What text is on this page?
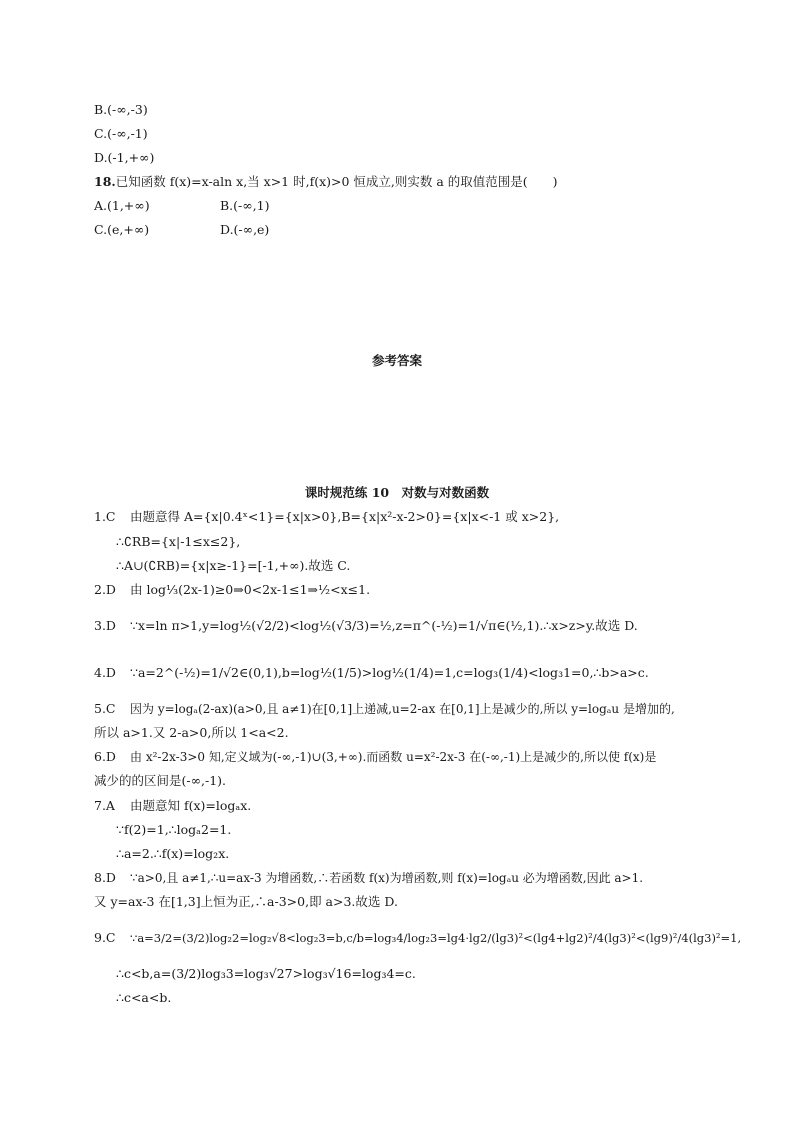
B.(-∞,-3)
C.(-∞,-1)
D.(-1,+∞)
18.已知函数 f(x)=x-aln x,当 x>1 时,f(x)>0 恒成立,则实数 a 的取值范围是(　　)
A.(1,+∞)	B.(-∞,1)
C.(e,+∞)	D.(-∞,e)
参考答案
课时规范练 10　对数与对数函数
1.C 由题意得 A={x|0.4ˣ<1}={x|x>0},B={x|x²-x-2>0}={x|x<-1 或 x>2},
∴∁RB={x|-1≤x≤2},
∴A∪(∁RB)={x|x≥-1}=[-1,+∞).故选 C.
2.D 由 log⅓(2x-1)≥0⇒0<2x-1≤1⇒½<x≤1.
3.D ∵x=ln π>1,y=log½(√2/2)<log½(√3/3)=½,z=π^(-½)=1/√π∈(½,1).∴x>z>y.故选 D.
4.D ∵a=2^(-½)=1/√2∈(0,1),b=log½(1/5)>log½(1/4)=1,c=log₃(1/4)<log₃1=0,∴b>a>c.
5.C 因为 y=logₐ(2-ax)(a>0,且 a≠1)在[0,1]上递减,u=2-ax 在[0,1]上是减少的,所以 y=logₐu 是增加的,
所以 a>1.又 2-a>0,所以 1<a<2.
6.D 由 x²-2x-3>0 知,定义域为(-∞,-1)∪(3,+∞).而函数 u=x²-2x-3 在(-∞,-1)上是减少的,所以使 f(x)是
减少的的区间是(-∞,-1).
7.A 由题意知 f(x)=logₐx.
∵f(2)=1,∴logₐ2=1.
∴a=2.∴f(x)=log₂x.
8.D ∵a>0,且 a≠1,∴u=ax-3 为增函数,∴若函数 f(x)为增函数,则 f(x)=logₐu 必为增函数,因此 a>1.
又 y=ax-3 在[1,3]上恒为正,∴a-3>0,即 a>3.故选 D.
9.C ∵a=3/2=(3/2)log₂2=log₂√8<log₂3=b,c/b=log₃4/log₂3=lg4·lg2/(lg3)²<(lg4+lg2)²/4(lg3)²<(lg9)²/4(lg3)²=1,
∴c<b,a=(3/2)log₃3=log₃√27>log₃√16=log₃4=c.
∴c<a<b.
